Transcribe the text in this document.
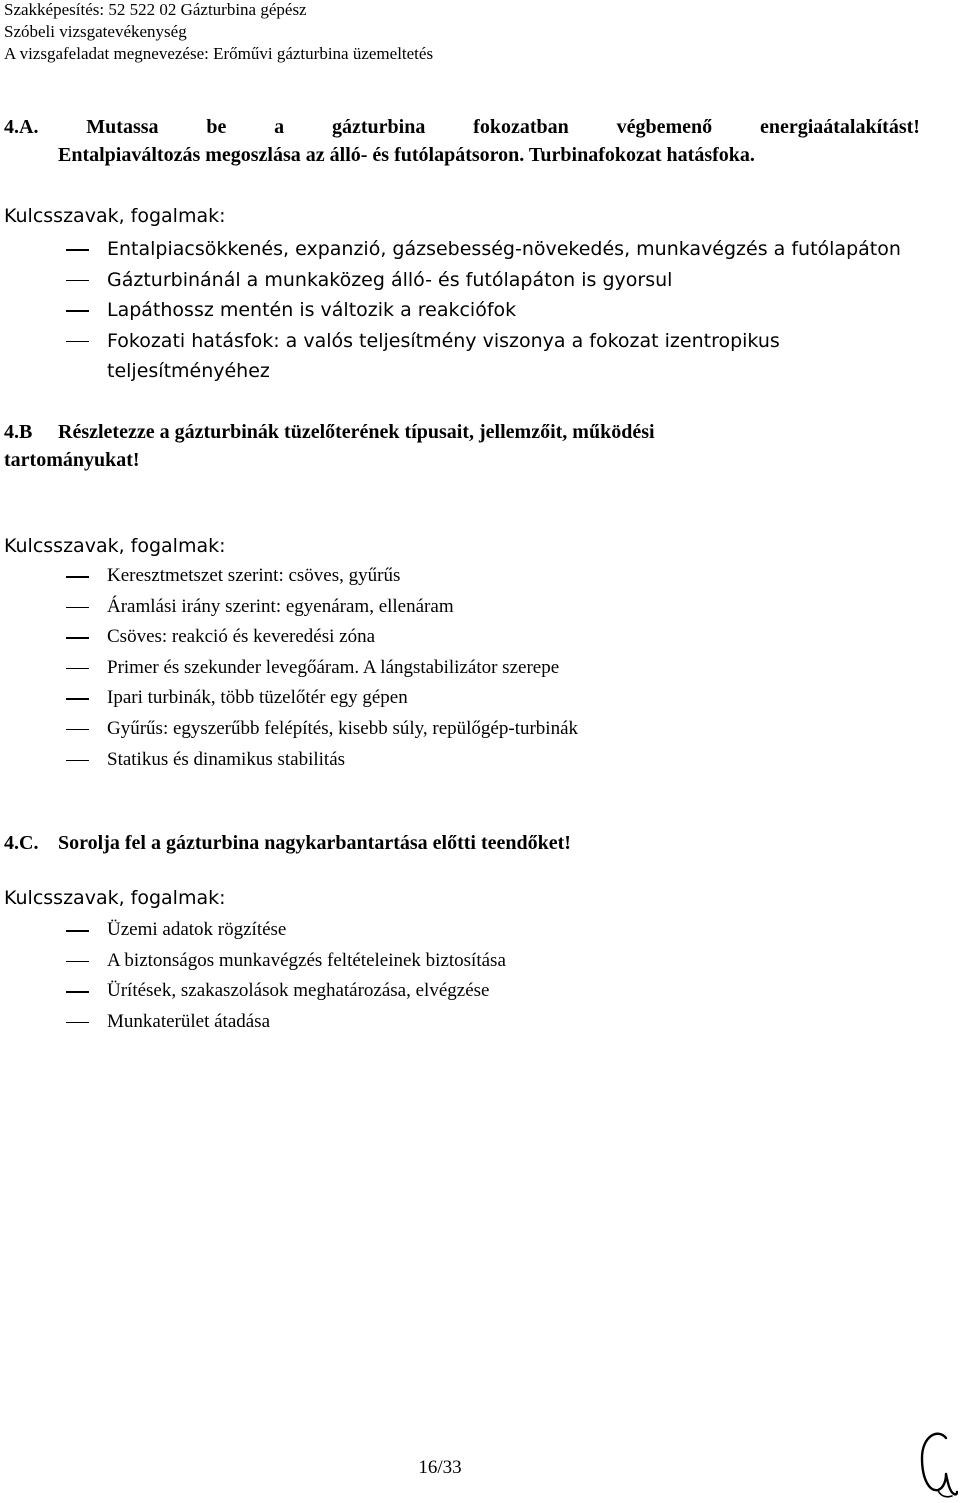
Szakképesítés: 52 522 02 Gázturbina gépész
Szóbeli vizsgatevékenység
A vizsgafeladat megnevezése: Erőművi gázturbina üzemeltetés
4.A. Mutassa be a gázturbina fokozatban végbemenő energiaátalakítást!
Entalpiaváltozás megoszlása az álló- és futólapátsoron. Turbinafokozat hatásfoka.
Kulcsszavak, fogalmak:
Entalpiacsökkenés, expanzió, gázsebesség-növekedés, munkavégzés a futólapáton
Gázturbinánál a munkaközeg álló- és futólapáton is gyorsul
Lapáthossz mentén is változik a reakciófok
Fokozati hatásfok: a valós teljesítmény viszonya a fokozat izentropikus teljesítményéhez
4.B Részletezze a gázturbinák tüzelőterének típusait, jellemzőit, működési
tartományukat!
Kulcsszavak, fogalmak:
Keresztmetszet szerint: csöves, gyűrűs
Áramlási irány szerint: egyenáram, ellenáram
Csöves: reakció és keveredési zóna
Primer és szekunder levegőáram. A lángstabilizátor szerepe
Ipari turbinák, több tüzelőtér egy gépen
Gyűrűs: egyszerűbb felépítés, kisebb súly, repülőgép-turbinák
Statikus és dinamikus stabilitás
4.C. Sorolja fel a gázturbina nagykarbantartása előtti teendőket!
Kulcsszavak, fogalmak:
Üzemi adatok rögzítése
A biztonságos munkavégzés feltételeinek biztosítása
Ürítések, szakaszolások meghatározása, elvégzése
Munkaterület átadása
16/33
